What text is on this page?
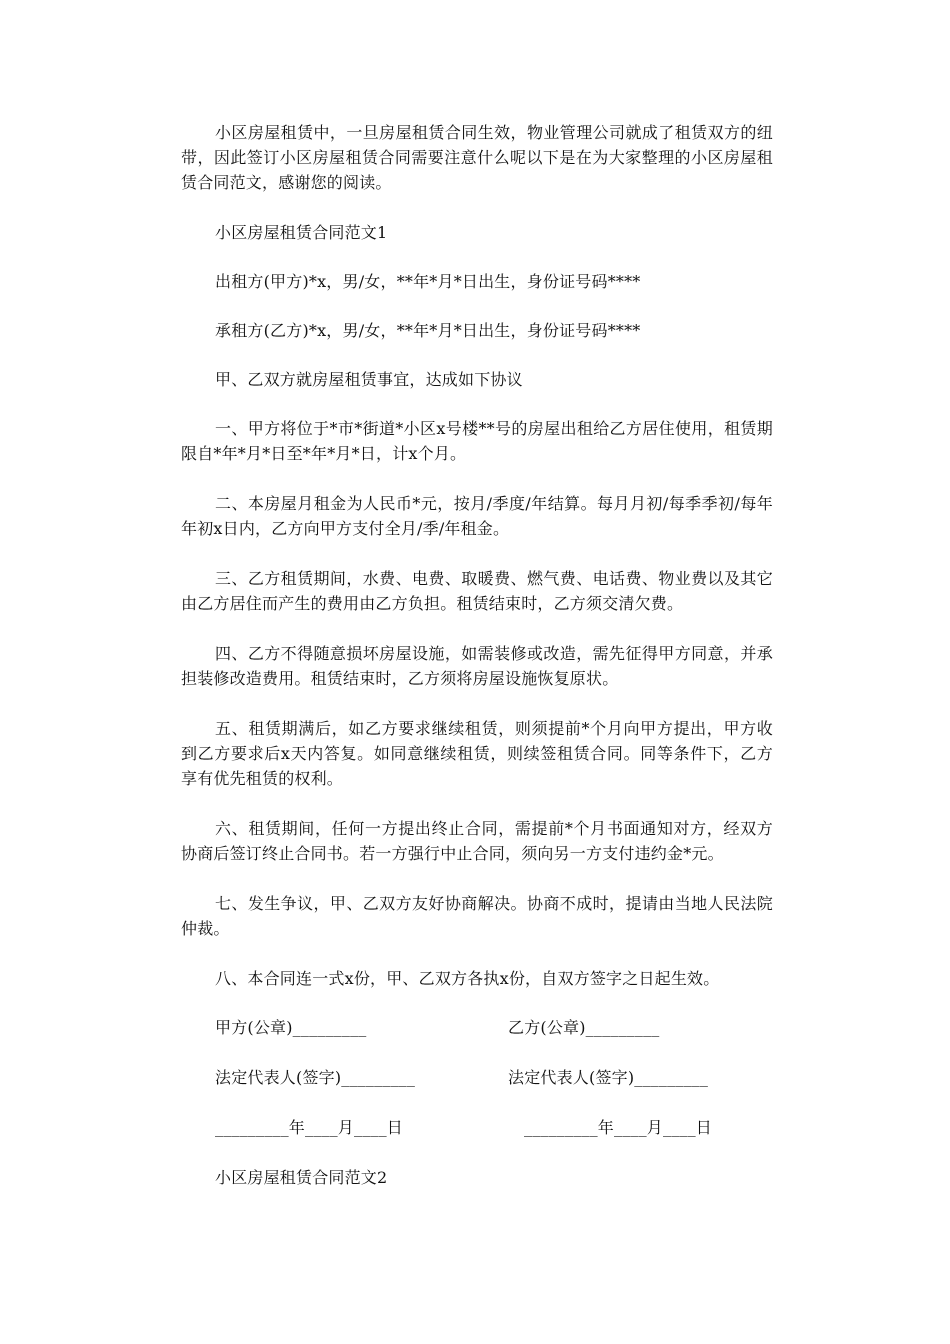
小区房屋租赁中，一旦房屋租赁合同生效，物业管理公司就成了租赁双方的纽带，因此签订小区房屋租赁合同需要注意什么呢以下是在为大家整理的小区房屋租赁合同范文，感谢您的阅读。

小区房屋租赁合同范文1

出租方(甲方)*x，男/女，**年*月*日出生，身份证号码****

承租方(乙方)*x，男/女，**年*月*日出生，身份证号码****

甲、乙双方就房屋租赁事宜，达成如下协议

一、甲方将位于*市*街道*小区x号楼**号的房屋出租给乙方居住使用，租赁期限自*年*月*日至*年*月*日，计x个月。

二、本房屋月租金为人民币*元，按月/季度/年结算。每月月初/每季季初/每年年初x日内，乙方向甲方支付全月/季/年租金。

三、乙方租赁期间，水费、电费、取暖费、燃气费、电话费、物业费以及其它由乙方居住而产生的费用由乙方负担。租赁结束时，乙方须交清欠费。

四、乙方不得随意损坏房屋设施，如需装修或改造，需先征得甲方同意，并承担装修改造费用。租赁结束时，乙方须将房屋设施恢复原状。

五、租赁期满后，如乙方要求继续租赁，则须提前*个月向甲方提出，甲方收到乙方要求后x天内答复。如同意继续租赁，则续签租赁合同。同等条件下，乙方享有优先租赁的权利。

六、租赁期间，任何一方提出终止合同，需提前*个月书面通知对方，经双方协商后签订终止合同书。若一方强行中止合同，须向另一方支付违约金*元。

七、发生争议，甲、乙双方友好协商解决。协商不成时，提请由当地人民法院仲裁。

八、本合同连一式x份，甲、乙双方各执x份，自双方签字之日起生效。

甲方(公章)_________	乙方(公章)_________
法定代表人(签字)_________	法定代表人(签字)_________
_________年____月____日	_________年____月____日

小区房屋租赁合同范文2
